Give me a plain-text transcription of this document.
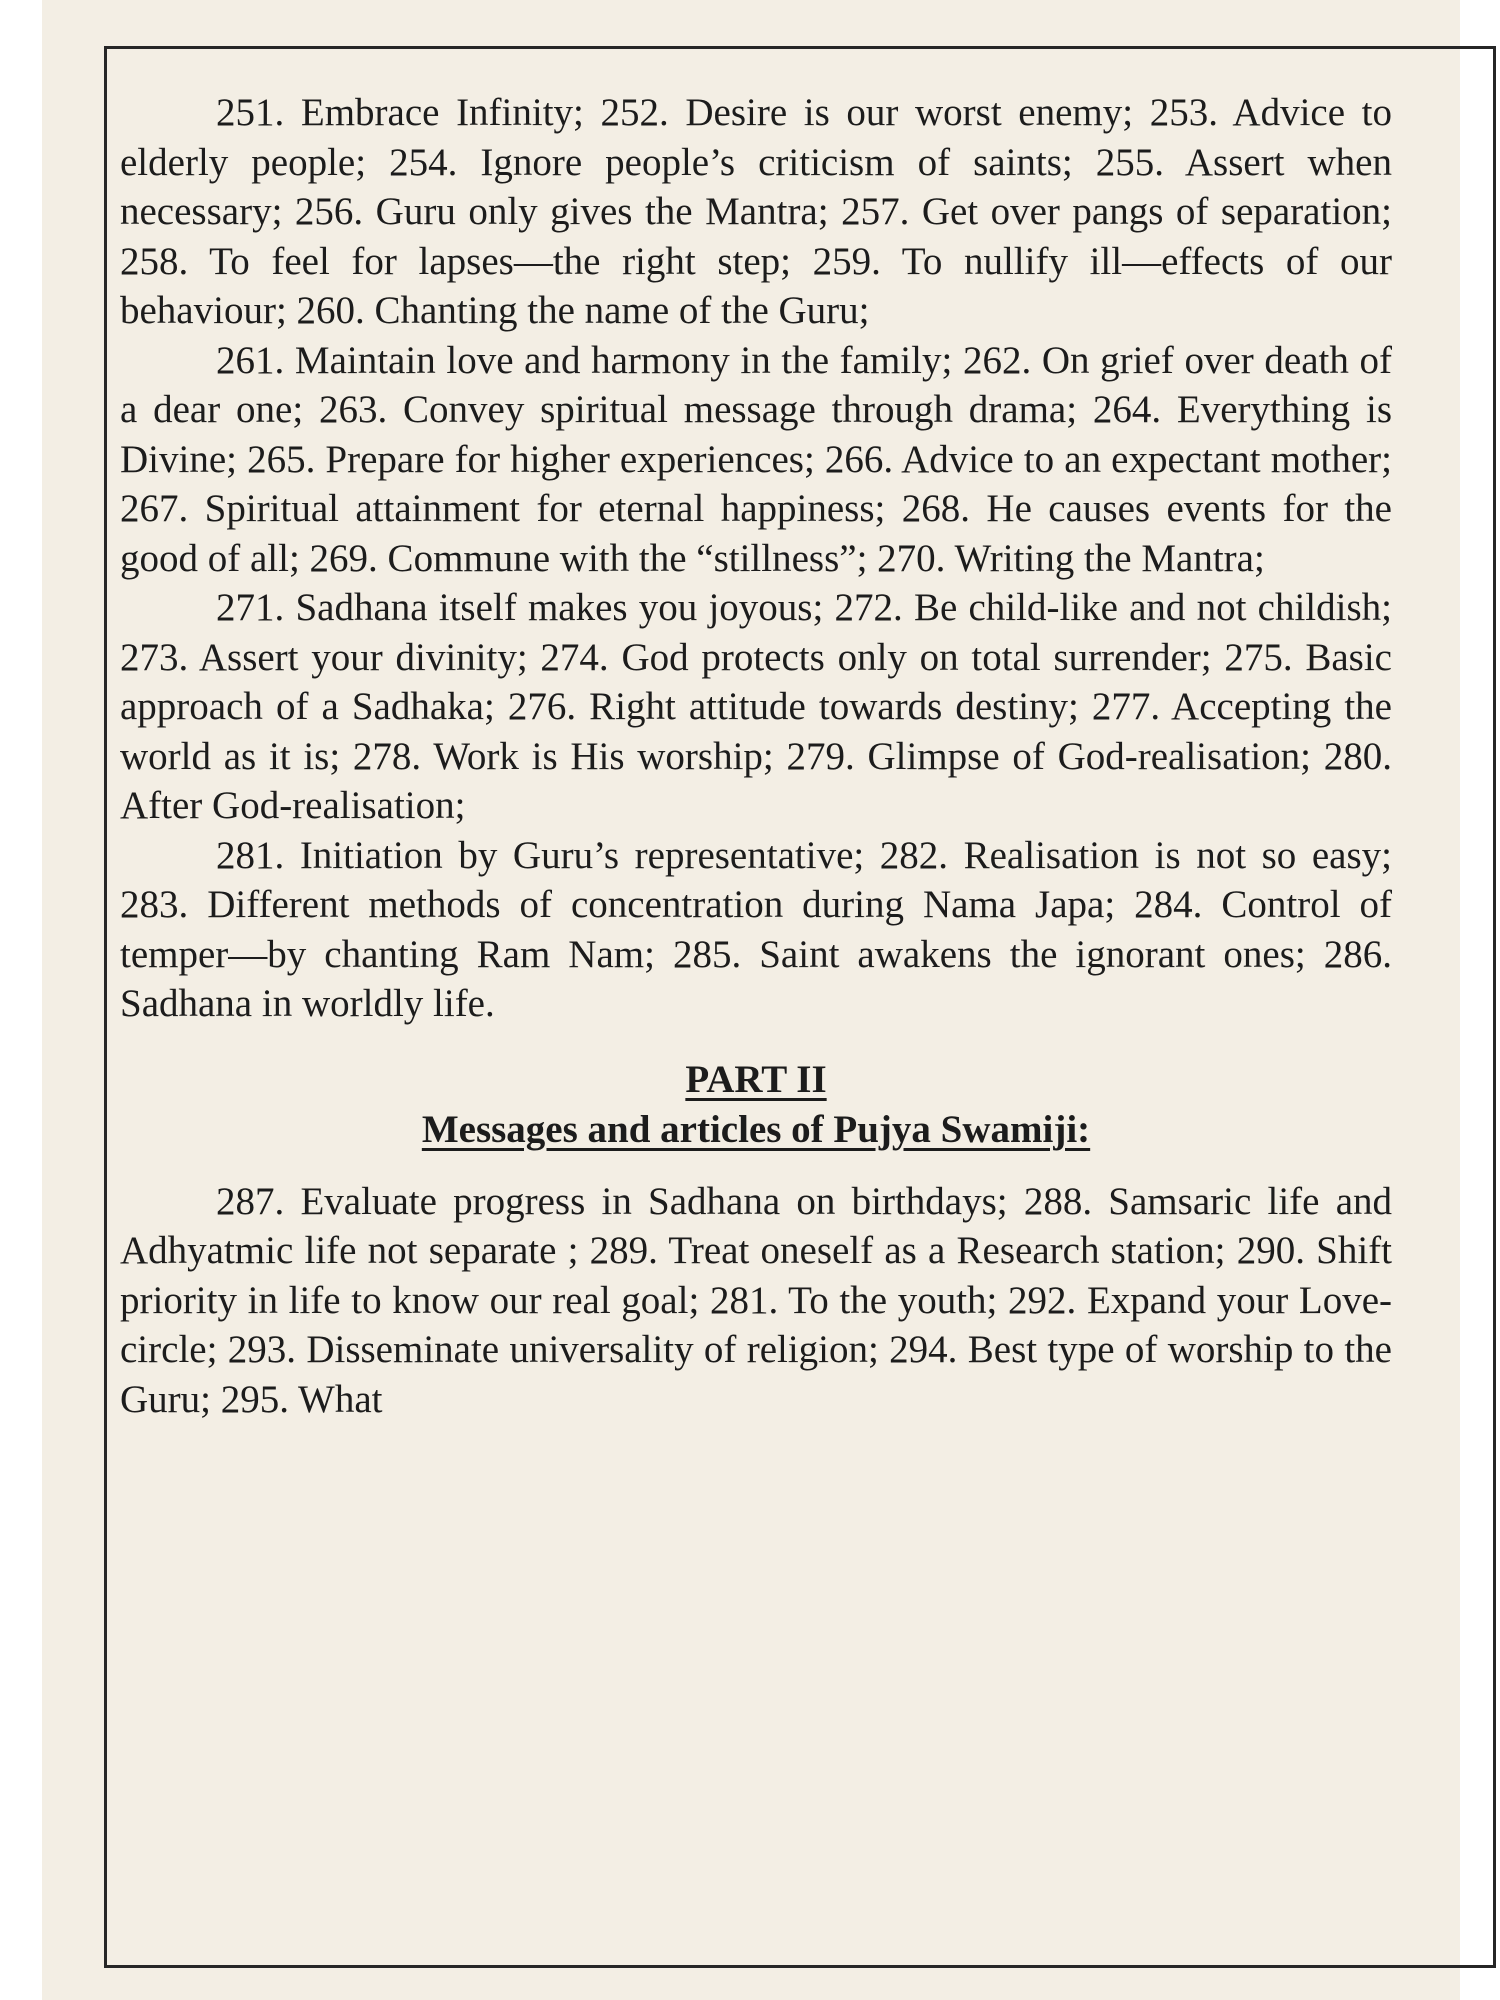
251. Embrace Infinity; 252. Desire is our worst enemy; 253. Advice to elderly people; 254. Ignore people’s criticism of saints; 255. Assert when necessary; 256. Guru only gives the Mantra; 257. Get over pangs of separation; 258. To feel for lapses—the right step; 259. To nullify ill—effects of our behaviour; 260. Chanting the name of the Guru;

261. Maintain love and harmony in the family; 262. On grief over death of a dear one; 263. Convey spiritual message through drama; 264. Everything is Divine; 265. Prepare for higher experiences; 266. Advice to an expectant mother; 267. Spiritual attainment for eternal happiness; 268. He causes events for the good of all; 269. Commune with the “stillness”; 270. Writing the Mantra;

271. Sadhana itself makes you joyous; 272. Be child-like and not childish; 273. Assert your divinity; 274. God protects only on total surrender; 275. Basic approach of a Sadhaka; 276. Right attitude towards destiny; 277. Accepting the world as it is; 278. Work is His worship; 279. Glimpse of God-realisation; 280. After God-realisation;

281. Initiation by Guru’s representative; 282. Realisation is not so easy; 283. Different methods of concentration during Nama Japa; 284. Control of temper—by chanting Ram Nam; 285. Saint awakens the ignorant ones; 286. Sadhana in worldly life.

PART II

Messages and articles of Pujya Swamiji:

287. Evaluate progress in Sadhana on birthdays; 288. Samsaric life and Adhyatmic life not separate ; 289. Treat oneself as a Research station; 290. Shift priority in life to know our real goal; 281. To the youth; 292. Expand your Love-circle; 293. Disseminate universality of religion; 294. Best type of worship to the Guru; 295. What
